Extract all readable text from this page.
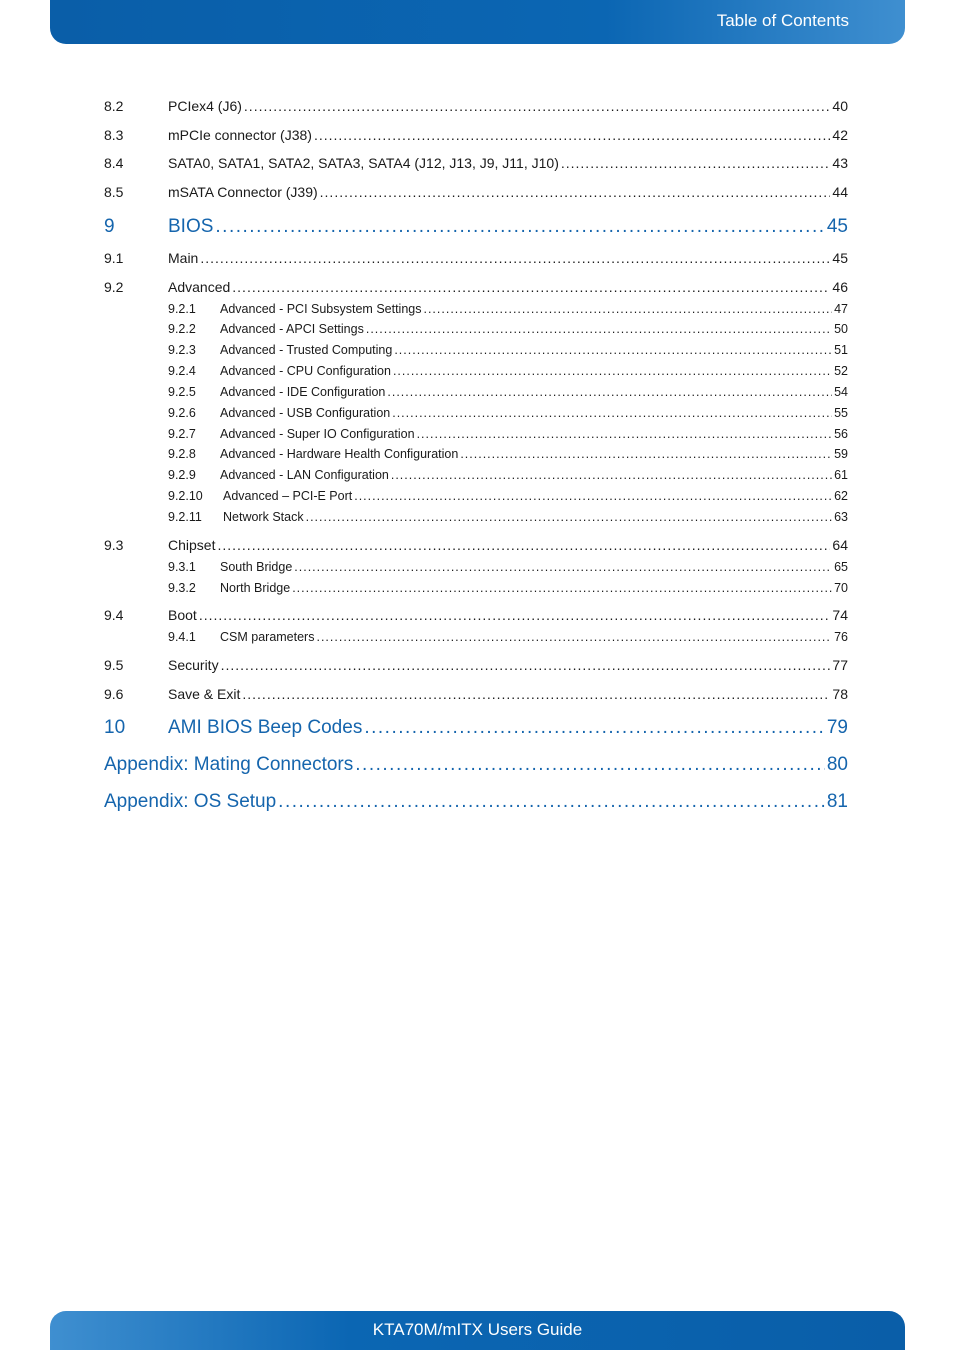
Table of Contents
8.2	PCIex4 (J6) .....	40
8.3	mPCIe connector (J38) .....	42
8.4	SATA0, SATA1, SATA2, SATA3, SATA4 (J12, J13, J9, J11, J10) .....	43
8.5	mSATA Connector (J39) .....	44
9	BIOS .....	45
9.1	Main .....	45
9.2	Advanced .....	46
9.2.1	Advanced - PCI Subsystem Settings .....	47
9.2.2	Advanced - APCI Settings .....	50
9.2.3	Advanced - Trusted Computing .....	51
9.2.4	Advanced - CPU Configuration .....	52
9.2.5	Advanced - IDE Configuration .....	54
9.2.6	Advanced - USB Configuration .....	55
9.2.7	Advanced - Super IO Configuration .....	56
9.2.8	Advanced - Hardware Health Configuration .....	59
9.2.9	Advanced - LAN Configuration .....	61
9.2.10	Advanced – PCI-E Port .....	62
9.2.11	Network Stack .....	63
9.3	Chipset .....	64
9.3.1	South Bridge .....	65
9.3.2	North Bridge .....	70
9.4	Boot .....	74
9.4.1	CSM parameters .....	76
9.5	Security .....	77
9.6	Save & Exit .....	78
10	AMI BIOS Beep Codes .....	79
Appendix: Mating Connectors .....	80
Appendix: OS Setup .....	81
KTA70M/mITX Users Guide
